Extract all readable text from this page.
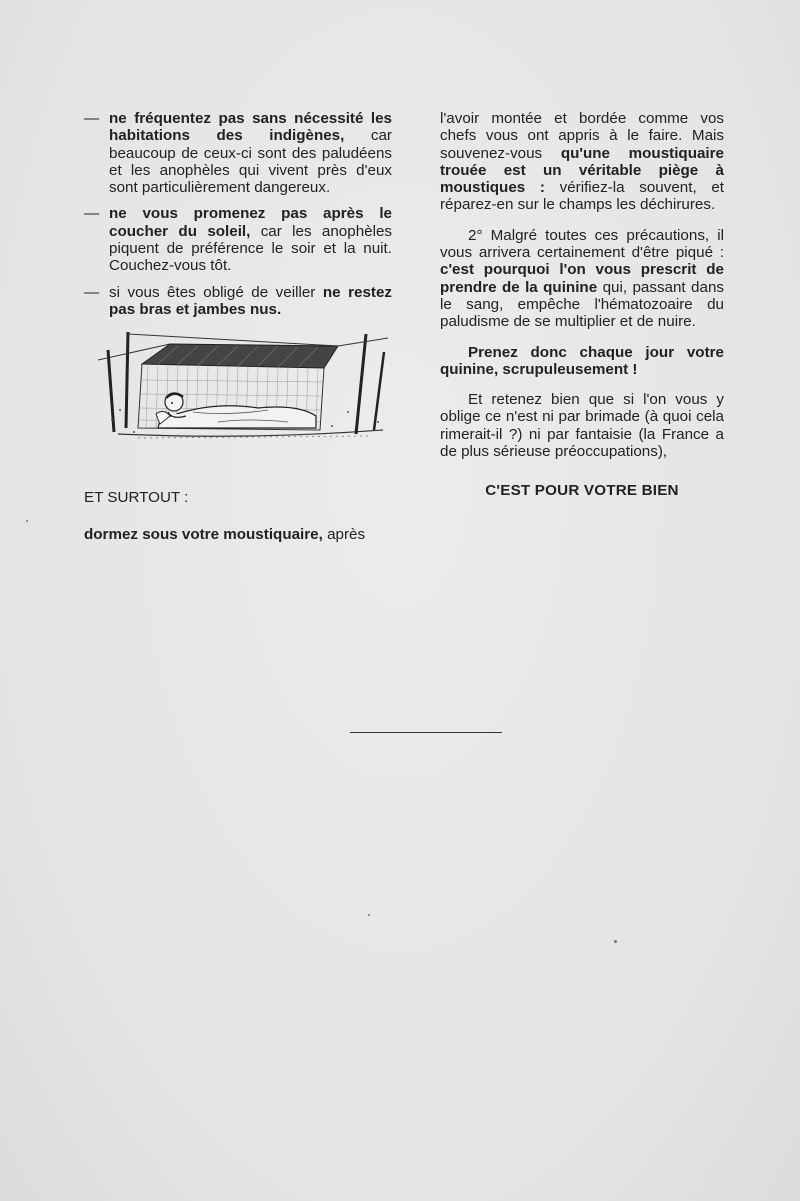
— ne fréquentez pas sans nécessité les habitations des indigènes, car beaucoup de ceux-ci sont des paludéens et les anophèles qui vivent près d'eux sont particulièrement dangereux.
— ne vous promenez pas après le coucher du soleil, car les anophèles piquent de préférence le soir et la nuit. Couchez-vous tôt.
— si vous êtes obligé de veiller ne restez pas bras et jambes nus.
ET SURTOUT :

dormez sous votre moustiquaire, après

l'avoir montée et bordée comme vos chefs vous ont appris à le faire. Mais souvenez-vous qu'une moustiquaire trouée est un véritable piège à moustiques : vérifiez-la souvent, et réparez-en sur le champs les déchirures.

2° Malgré toutes ces précautions, il vous arrivera certainement d'être piqué : c'est pourquoi l'on vous prescrit de prendre de la quinine qui, passant dans le sang, empêche l'hématozoaire du paludisme de se multiplier et de nuire.

Prenez donc chaque jour votre quinine, scrupuleusement !

Et retenez bien que si l'on vous y oblige ce n'est ni par brimade (à quoi cela rimerait-il ?) ni par fantaisie (la France a de plus sérieuse préoccupations),

C'EST POUR VOTRE BIEN
